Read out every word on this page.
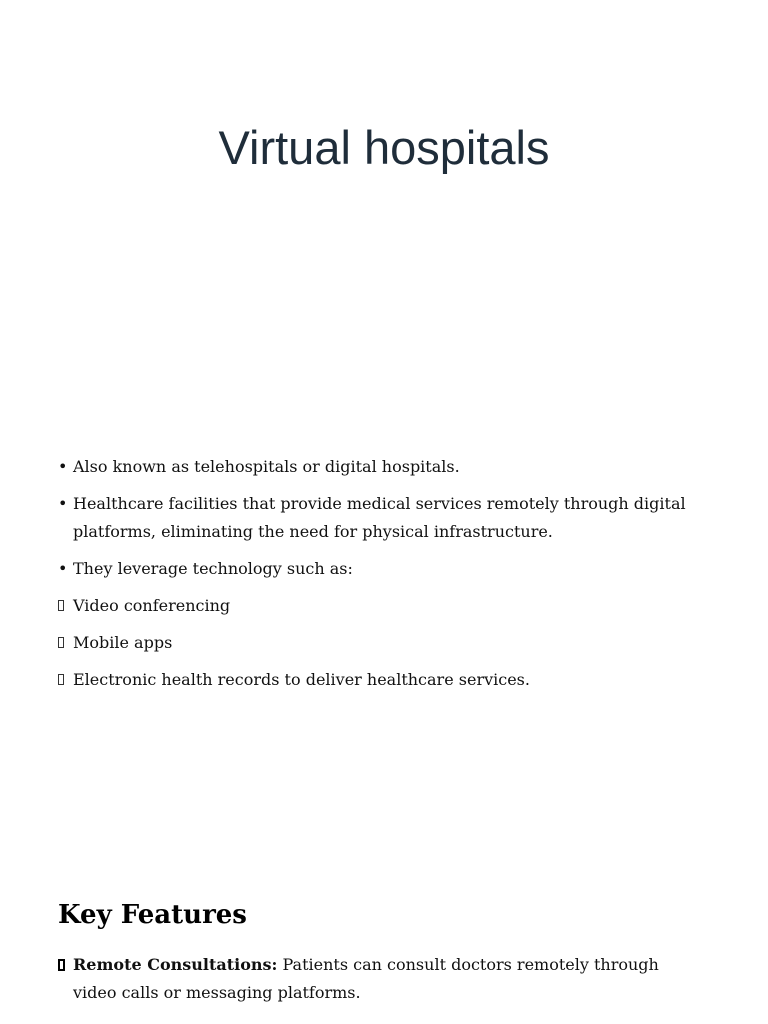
Virtual hospitals
• Also known as telehospitals or digital hospitals.
• Healthcare facilities that provide medical services remotely through digital platforms, eliminating the need for physical infrastructure.
• They leverage technology such as:
Video conferencing
Mobile apps
Electronic health records to deliver healthcare services.
Key Features
Remote Consultations: Patients can consult doctors remotely through video calls or messaging platforms.
